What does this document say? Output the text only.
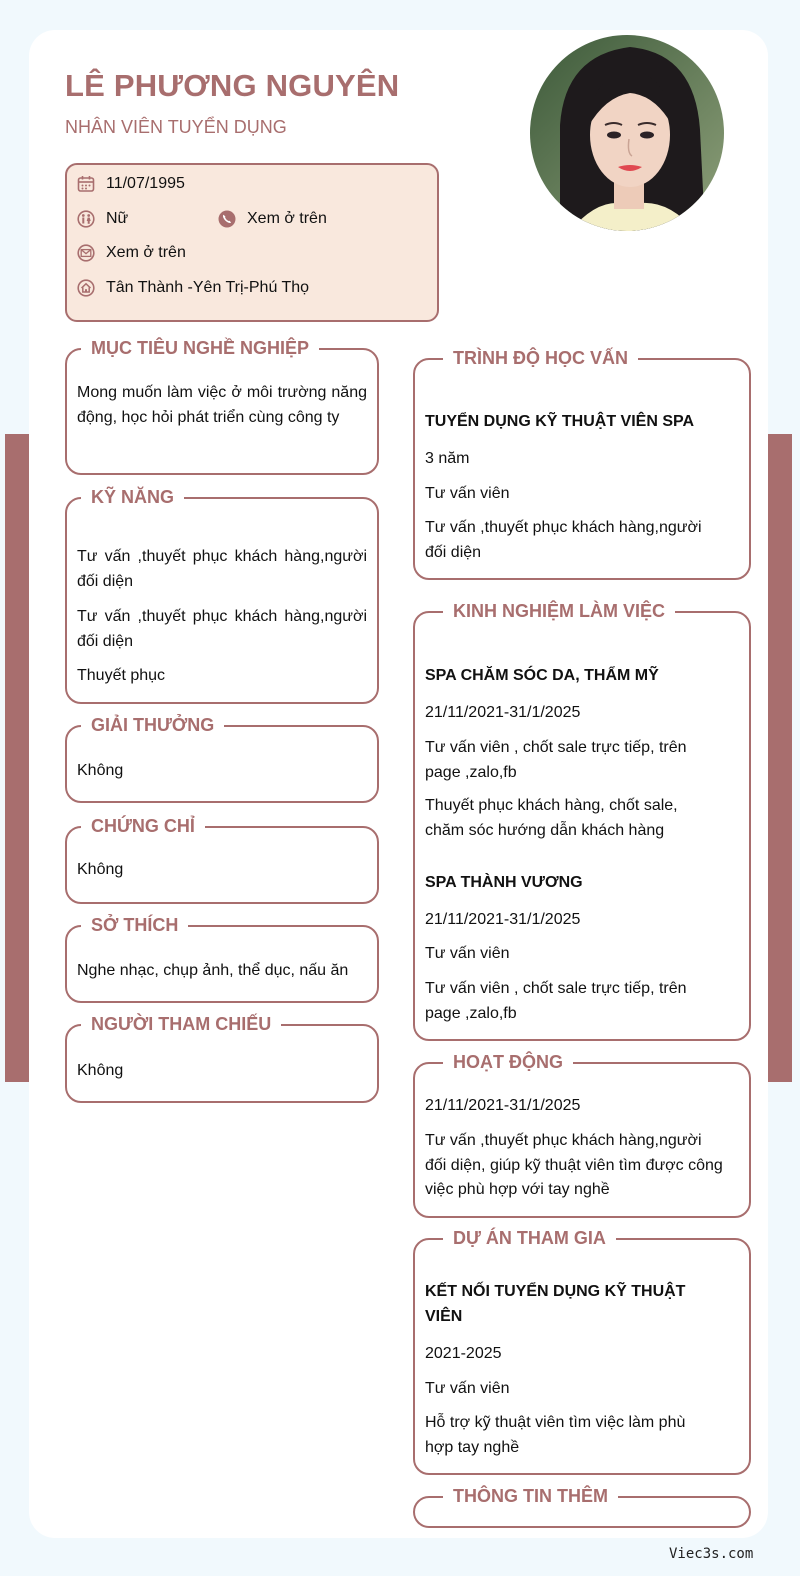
LÊ PHƯƠNG NGUYÊN
NHÂN VIÊN TUYỂN DỤNG
11/07/1995
Nữ	Xem ở trên
Xem ở trên
Tân Thành -Yên Trị-Phú Thọ
MỤC TIÊU NGHỀ NGHIỆP
Mong muốn làm việc ở môi trường năng động, học hỏi phát triển cùng công ty
KỸ NĂNG
Tư vấn ,thuyết phục khách hàng,người đối diện
Tư vấn ,thuyết phục khách hàng,người đối diện
Thuyết phục
GIẢI THƯỞNG
Không
CHỨNG CHỈ
Không
SỞ THÍCH
Nghe nhạc, chụp ảnh, thể dục, nấu ăn
NGƯỜI THAM CHIẾU
Không
TRÌNH ĐỘ HỌC VẤN
TUYỂN DỤNG KỸ THUẬT VIÊN SPA
3 năm
Tư vấn viên
Tư vấn ,thuyết phục khách hàng,người đối diện
KINH NGHIỆM LÀM VIỆC
SPA CHĂM SÓC DA, THẨM MỸ
21/11/2021-31/1/2025
Tư vấn viên , chốt sale trực tiếp, trên page ,zalo,fb
Thuyết phục khách hàng, chốt sale, chăm sóc hướng dẫn khách hàng
SPA THÀNH VƯƠNG
21/11/2021-31/1/2025
Tư vấn viên
Tư vấn viên , chốt sale trực tiếp, trên page ,zalo,fb
HOẠT ĐỘNG
21/11/2021-31/1/2025
Tư vấn ,thuyết phục khách hàng,người đối diện, giúp kỹ thuật viên tìm được công việc phù hợp với tay nghề
DỰ ÁN THAM GIA
KẾT NỐI TUYỂN DỤNG KỸ THUẬT VIÊN
2021-2025
Tư vấn viên
Hỗ trợ kỹ thuật viên tìm việc làm phù hợp tay nghề
THÔNG TIN THÊM
Viec3s.com
